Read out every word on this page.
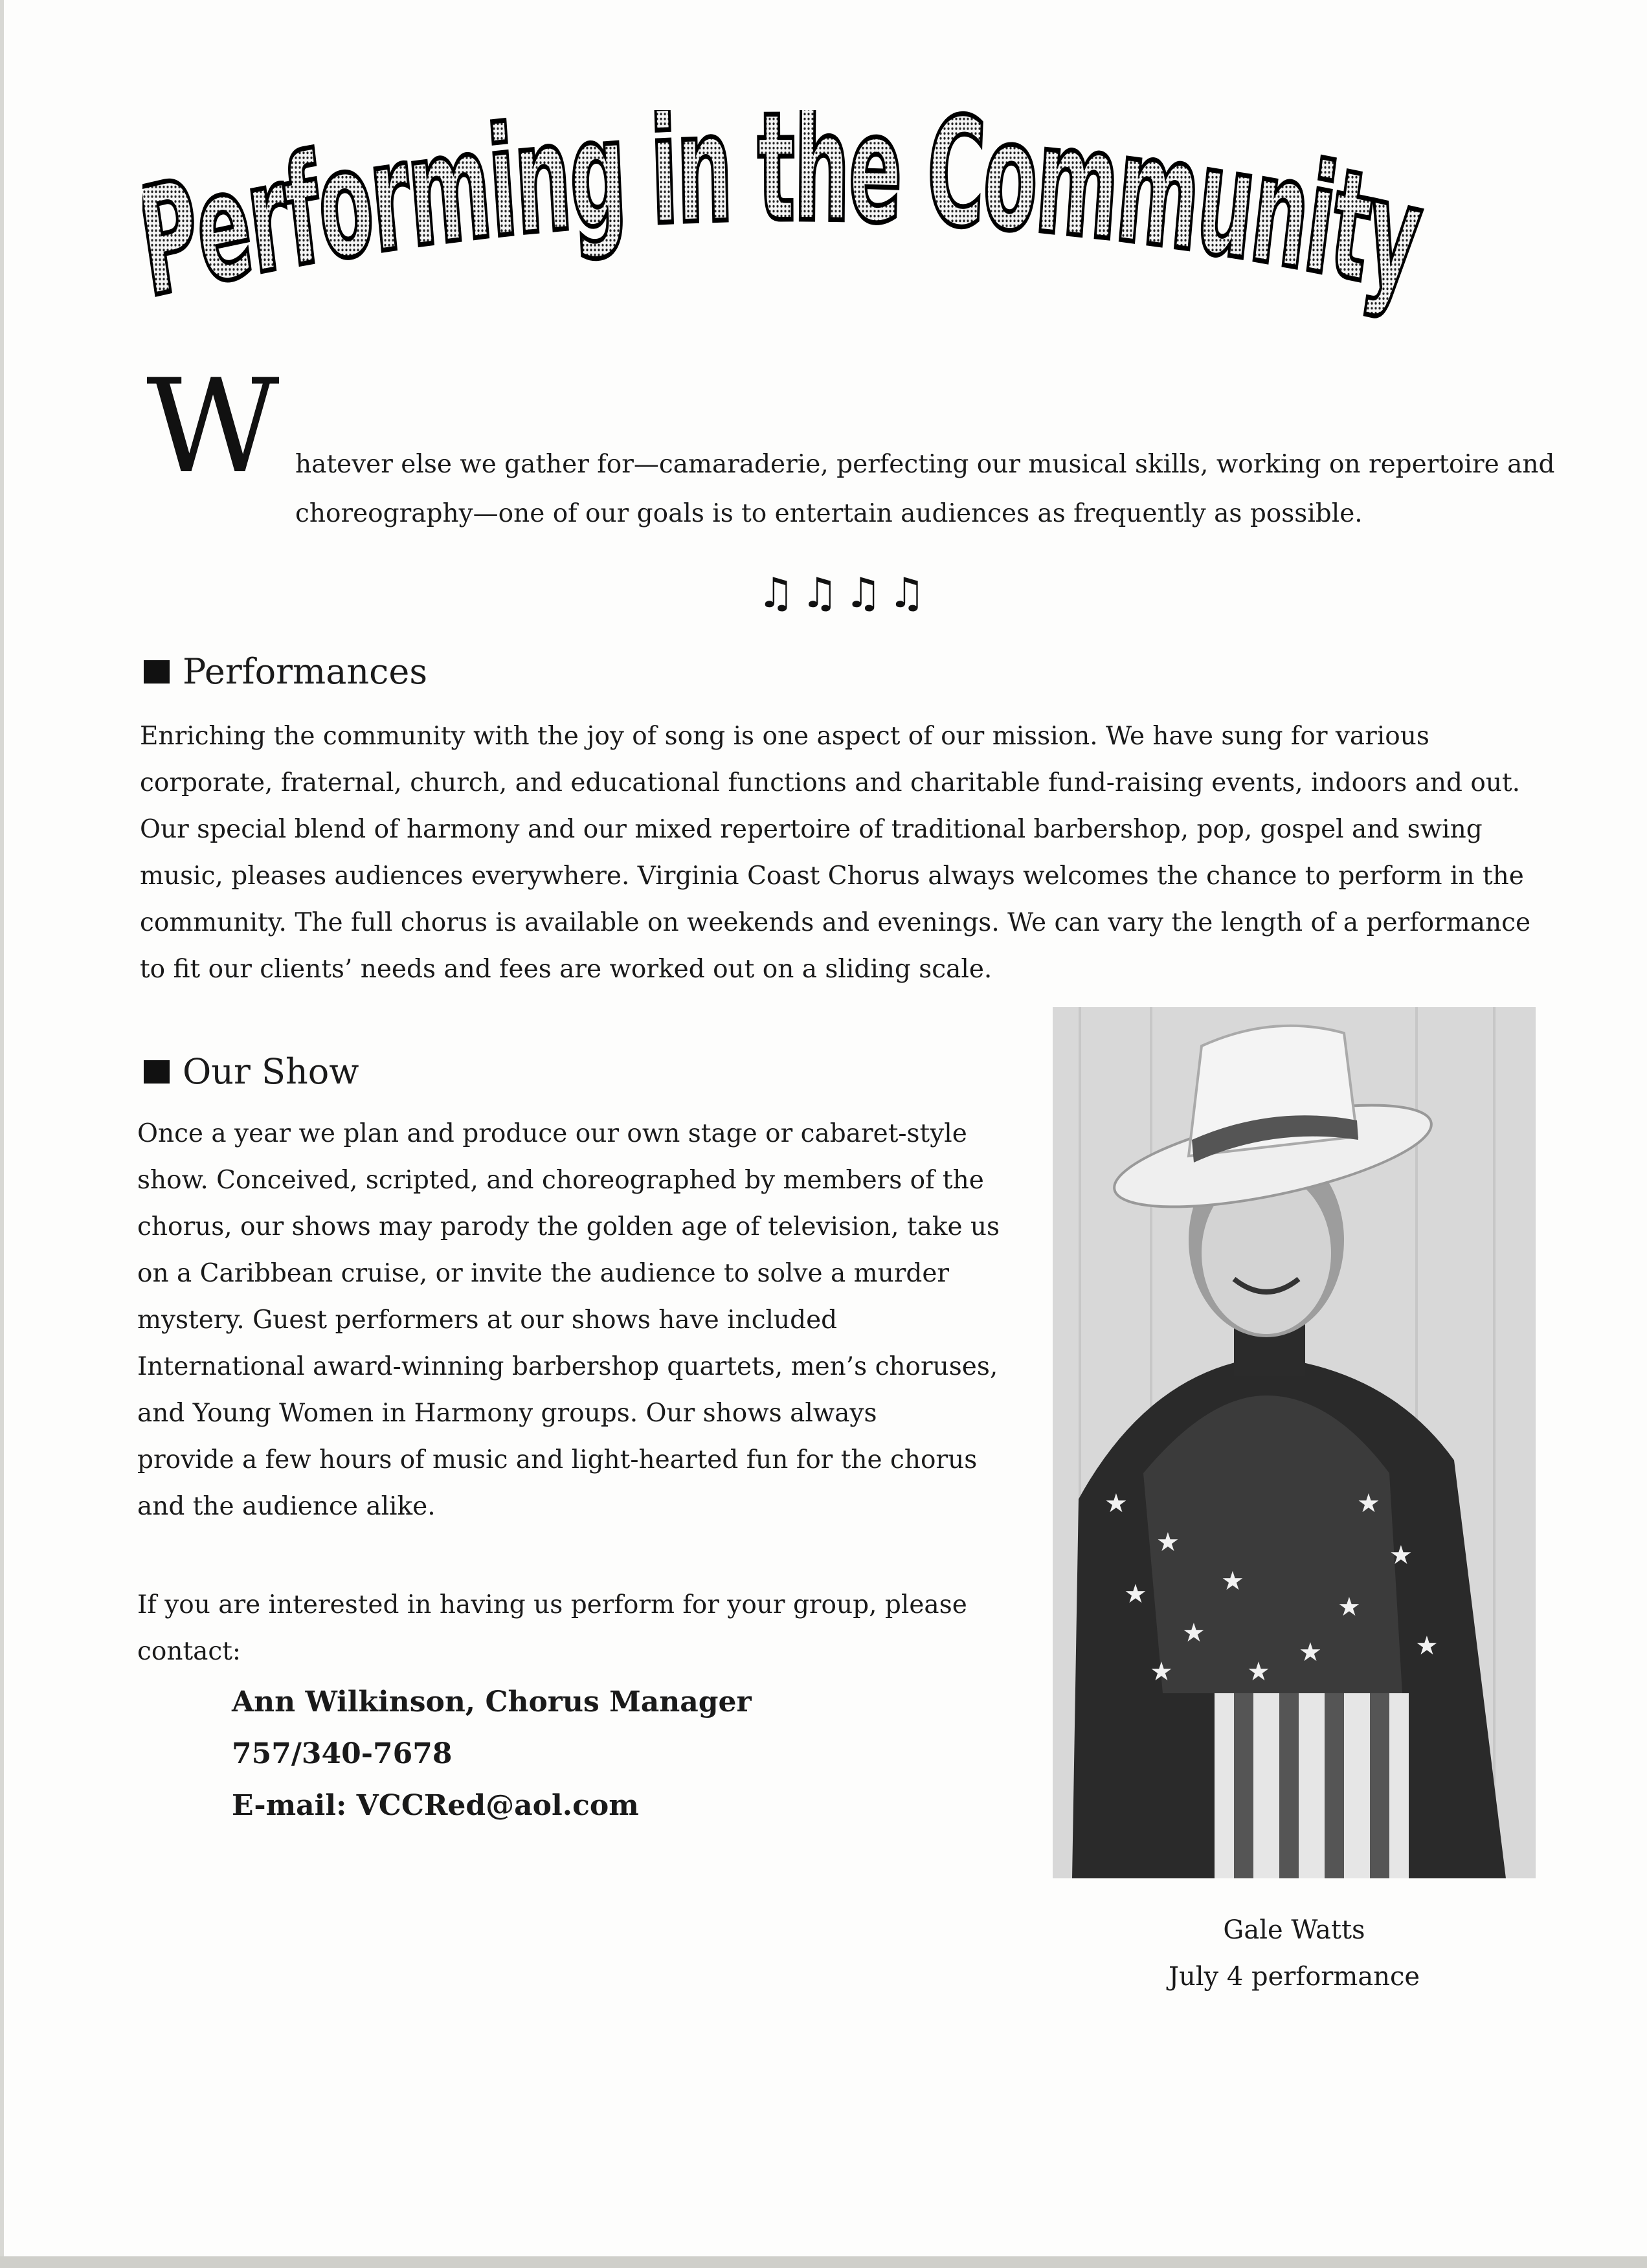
erforming in the Communit
W hatever else we gather for—camaraderie, perfecting our musical skills, working on repertoire and
choreography—one of our goals is to entertain audiences as frequently as possible.

♫♫♫♫
Performances

Enriching the community with the joy of song is one aspect of our mission. We have sung for various
corporate, fraternal, church, and educational functions and charitable fund-raising events, indoors and out.
Our special blend of harmony and our mixed repertoire of traditional barbershop, pop, gospel and swing
music, pleases audiences everywhere. Virginia Coast Chorus always welcomes the chance to perform in the
community. The full chorus is available on weekends and evenings. We can vary the length of a performance
to fit our clients’ needs and fees are worked out on a sliding scale.

Our Show

Once a year we plan and produce our own stage or cabaret-style
show. Conceived, scripted, and choreographed by members of the
chorus, our shows may parody the golden age of television, take us
on a Caribbean cruise, or invite the audience to solve a murder
mystery. Guest performers at our shows have included
International award-winning barbershop quartets, men’s choruses,
and Young Women in Harmony groups. Our shows always
provide a few hours of music and light-hearted fun for the chorus
and the audience alike.

If you are interested in having us perform for your group, please
contact:

Ann Wilkinson, Chorus Manager
757/340-7678
E-mail: VCCRed@aol.com

★
★
★
★
★
★
★
★
★
★
★
★

Gale Watts
July 4 performance
